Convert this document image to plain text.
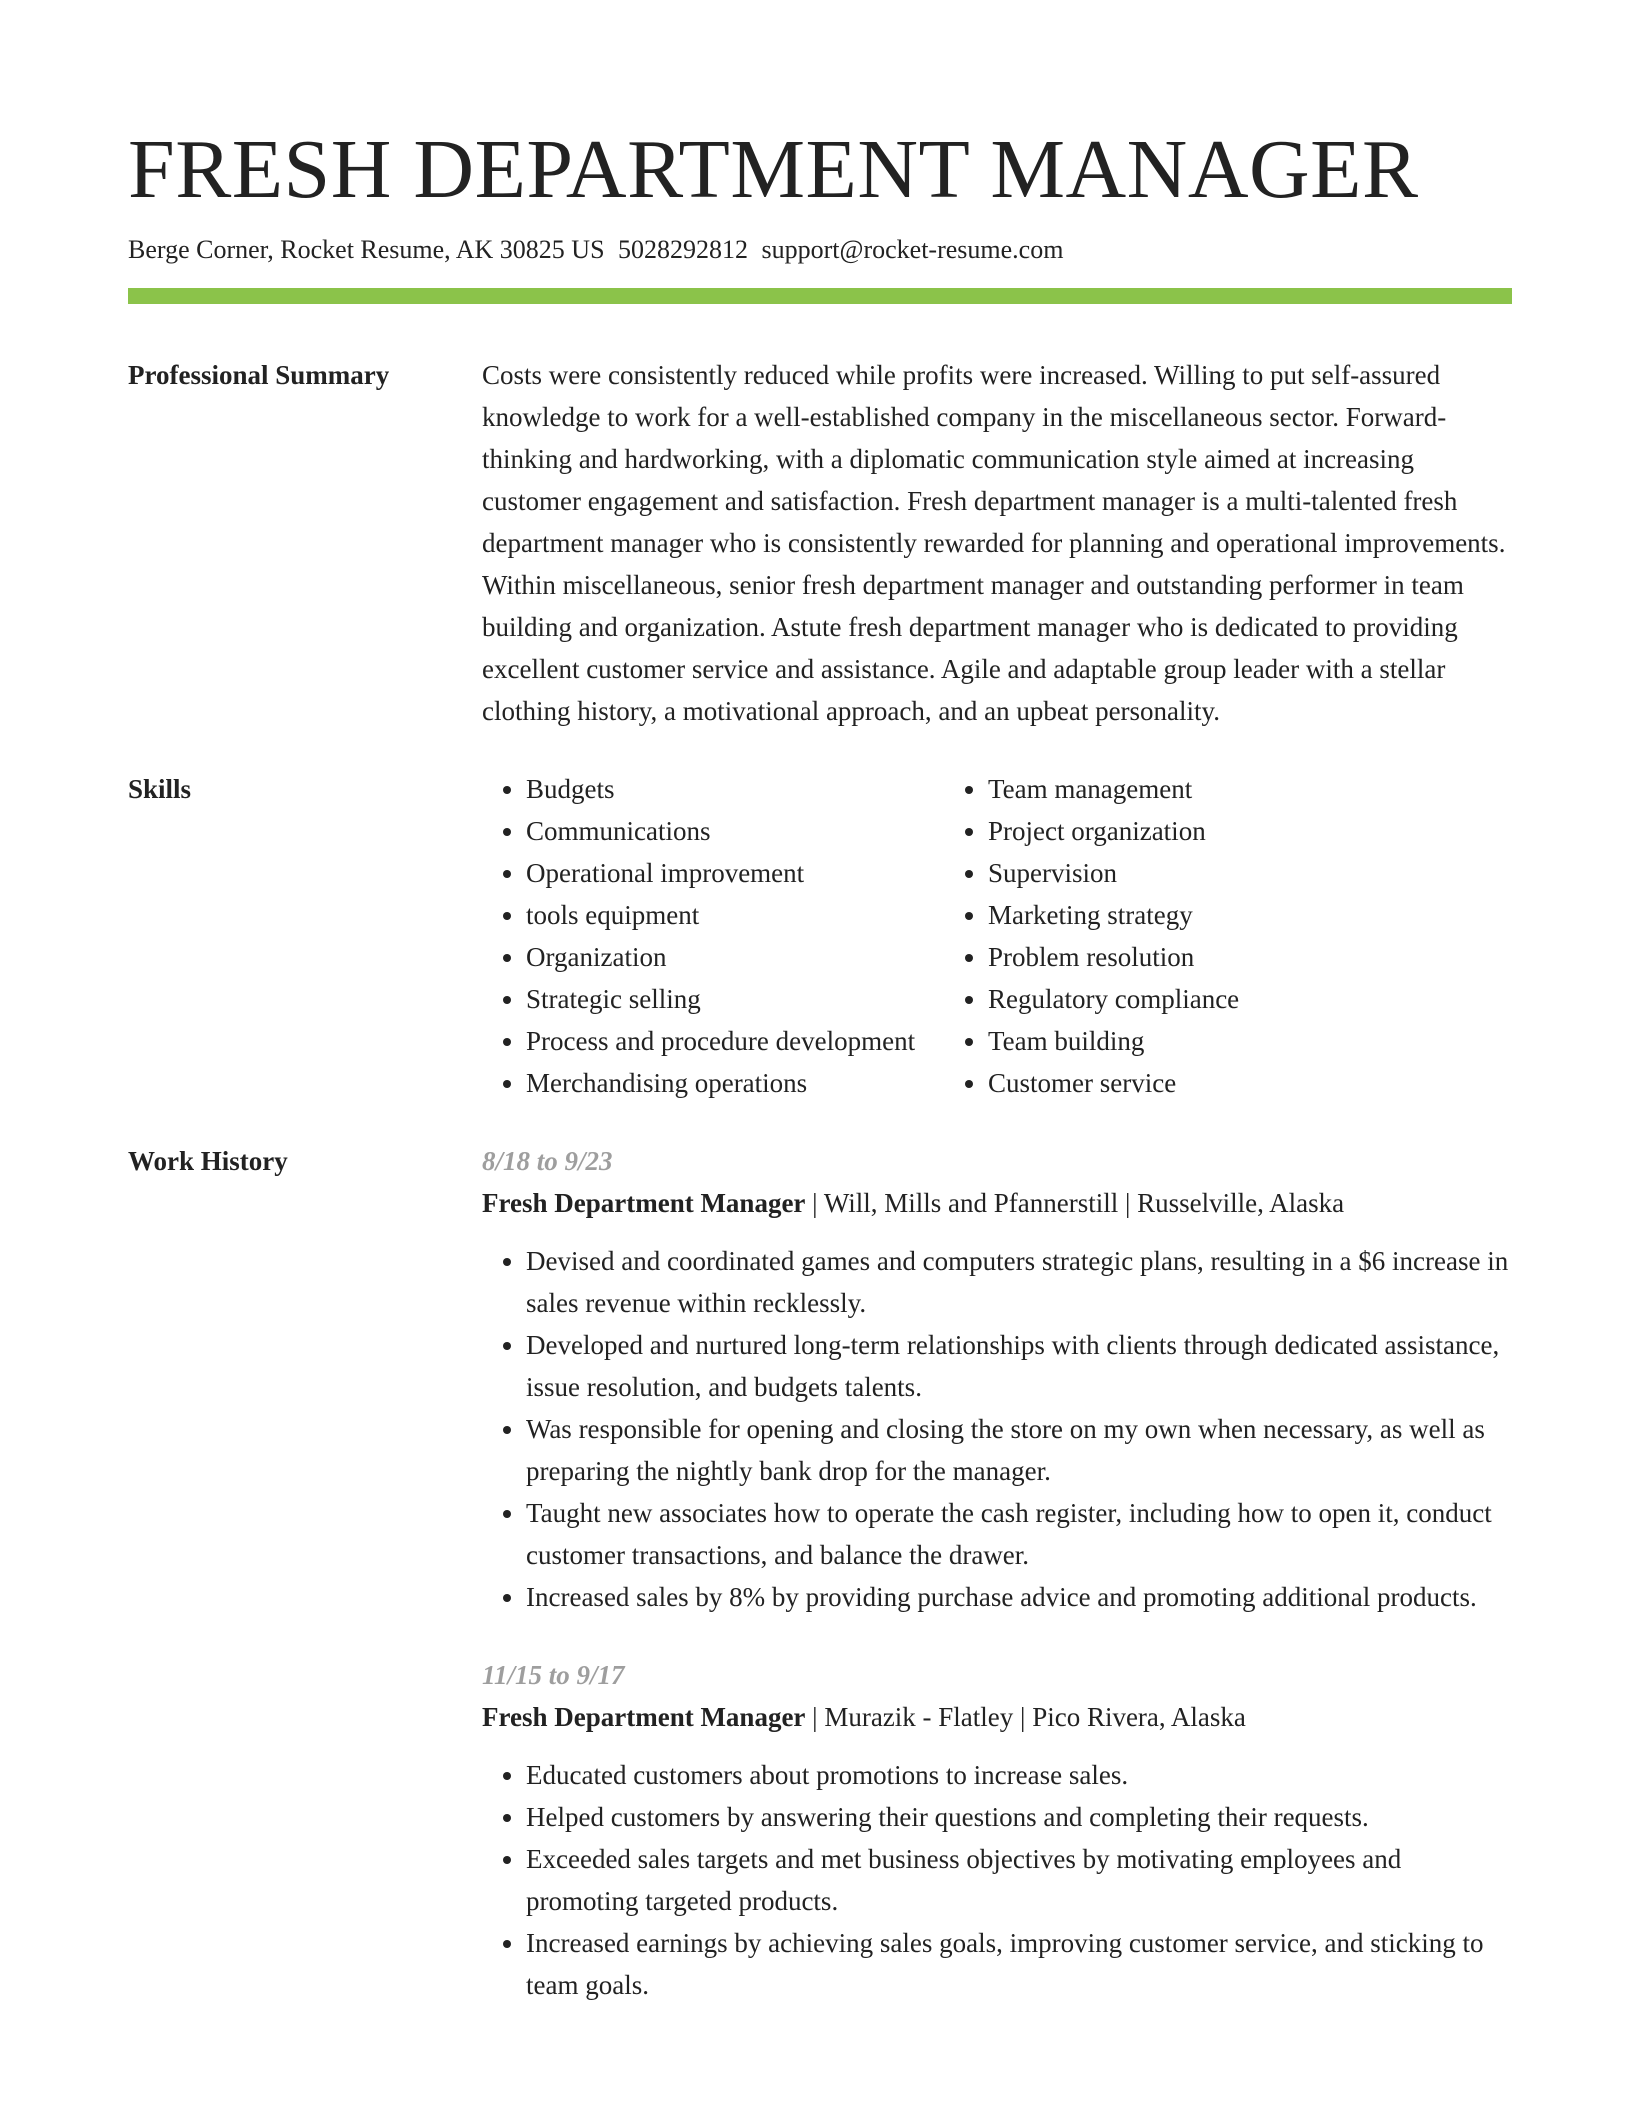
FRESH DEPARTMENT MANAGER
Berge Corner, Rocket Resume, AK 30825 US 5028292812 support@rocket-resume.com
Professional Summary	Costs were consistently reduced while profits were increased. Willing to put self-assured knowledge to work for a well-established company in the miscellaneous sector. Forward-thinking and hardworking, with a diplomatic communication style aimed at increasing customer engagement and satisfaction. Fresh department manager is a multi-talented fresh department manager who is consistently rewarded for planning and operational improvements. Within miscellaneous, senior fresh department manager and outstanding performer in team building and organization. Astute fresh department manager who is dedicated to providing excellent customer service and assistance. Agile and adaptable group leader with a stellar clothing history, a motivational approach, and an upbeat personality.

Skills
•	Budgets
• Communications
• Operational improvement
• tools equipment
• Organization
• Strategic selling
• Process and procedure development
• Merchandising operations
• Team management
• Project organization
• Supervision
• Marketing strategy
• Problem resolution
• Regulatory compliance
• Team building
• Customer service
Work History	8/18 to 9/23
Fresh Department Manager | Will, Mills and Pfannerstill | Russelville, Alaska
• Devised and coordinated games and computers strategic plans, resulting in a $6 increase in sales revenue within recklessly.
• Developed and nurtured long-term relationships with clients through dedicated assistance, issue resolution, and budgets talents.
• Was responsible for opening and closing the store on my own when necessary, as well as preparing the nightly bank drop for the manager.
• Taught new associates how to operate the cash register, including how to open it, conduct customer transactions, and balance the drawer.
• Increased sales by 8% by providing purchase advice and promoting additional products.
11/15 to 9/17
Fresh Department Manager | Murazik - Flatley | Pico Rivera, Alaska
• Educated customers about promotions to increase sales.
• Helped customers by answering their questions and completing their requests.
• Exceeded sales targets and met business objectives by motivating employees and promoting targeted products.
• Increased earnings by achieving sales goals, improving customer service, and sticking to team goals.
